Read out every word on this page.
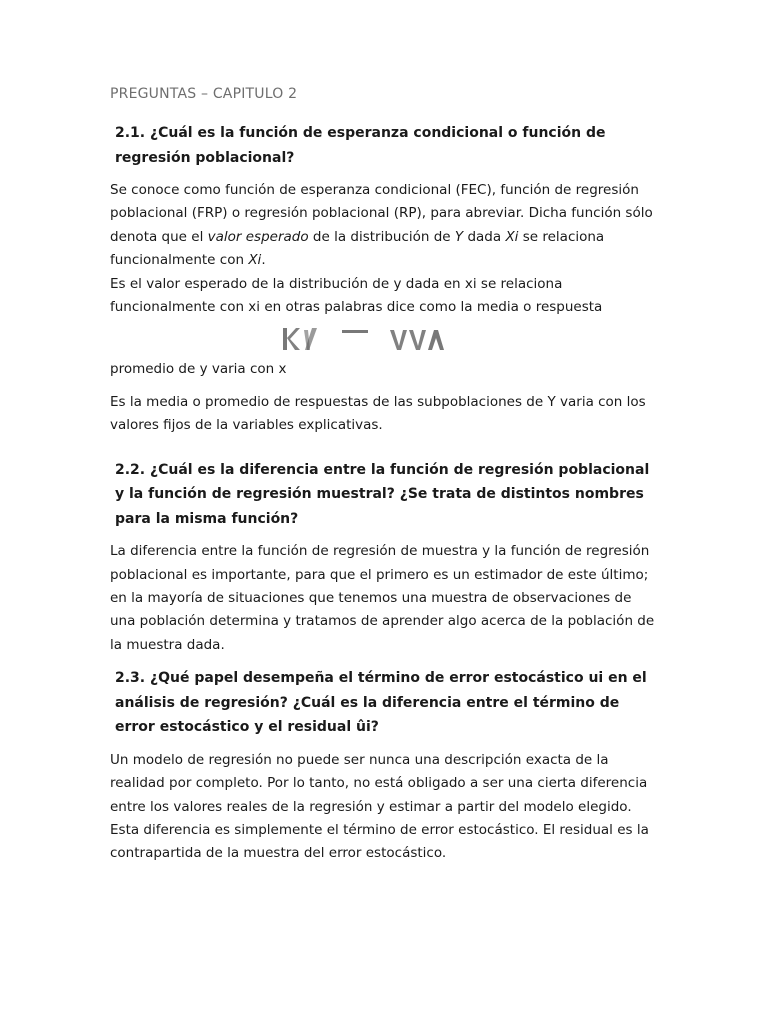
PREGUNTAS – CAPITULO 2
2.1. ¿Cuál es la función de esperanza condicional o función de regresión poblacional?

Se conoce como función de esperanza condicional (FEC), función de regresión poblacional (FRP) o regresión poblacional (RP), para abreviar. Dicha función sólo denota que el valor esperado de la distribución de Y dada Xi se relaciona funcionalmente con Xi.
Es el valor esperado de la distribución de y dada en xi se relaciona funcionalmente con xi en otras palabras dice como la media o respuesta

promedio de y varia con x

Es la media o promedio de respuestas de las subpoblaciones de Y varia con los valores fijos de la variables explicativas.

2.2. ¿Cuál es la diferencia entre la función de regresión poblacional y la función de regresión muestral? ¿Se trata de distintos nombres para la misma función?

La diferencia entre la función de regresión de muestra y la función de regresión poblacional es importante, para que el primero es un estimador de este último; en la mayoría de situaciones que tenemos una muestra de observaciones de una población determina y tratamos de aprender algo acerca de la población de la muestra dada.

2.3. ¿Qué papel desempeña el término de error estocástico ui en el análisis de regresión? ¿Cuál es la diferencia entre el término de error estocástico y el residual ûi?

Un modelo de regresión no puede ser nunca una descripción exacta de la realidad por completo. Por lo tanto, no está obligado a ser una cierta diferencia entre los valores reales de la regresión y estimar a partir del modelo elegido. Esta diferencia es simplemente el término de error estocástico. El residual es la contrapartida de la muestra del error estocástico.
